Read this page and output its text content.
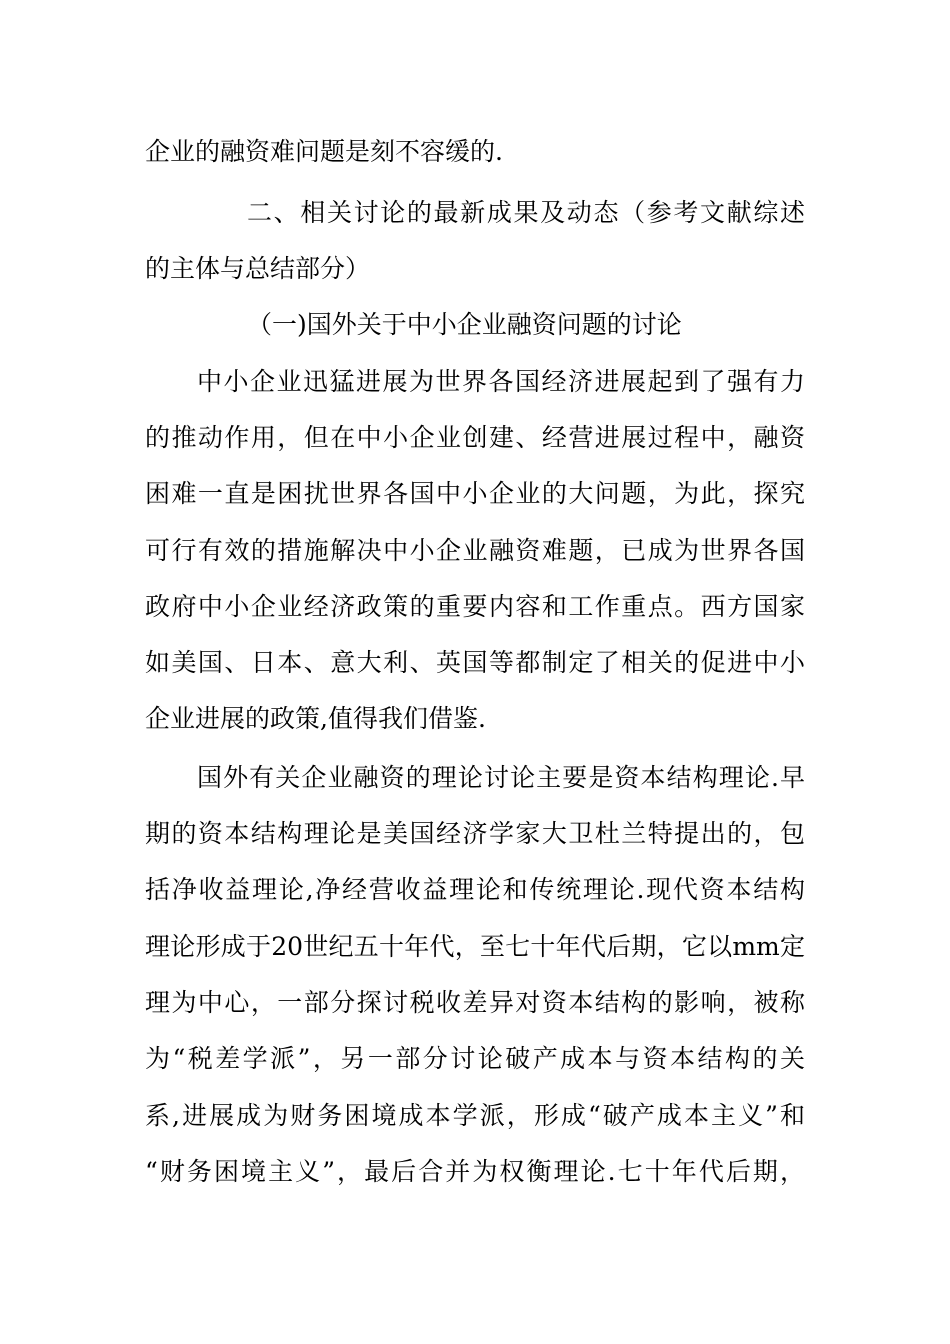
企业的融资难问题是刻不容缓的.
二、相关讨论的最新成果及动态（参考文献综述
的主体与总结部分）
（一)国外关于中小企业融资问题的讨论
中小企业迅猛进展为世界各国经济进展起到了强有力
的推动作用，但在中小企业创建、经营进展过程中，融资
困难一直是困扰世界各国中小企业的大问题，为此，探究
可行有效的措施解决中小企业融资难题，已成为世界各国
政府中小企业经济政策的重要内容和工作重点。西方国家
如美国、日本、意大利、英国等都制定了相关的促进中小
企业进展的政策,值得我们借鉴.
国外有关企业融资的理论讨论主要是资本结构理论.早
期的资本结构理论是美国经济学家大卫杜兰特提出的，包
括净收益理论,净经营收益理论和传统理论.现代资本结构
理论形成于20世纪五十年代，至七十年代后期，它以mm定
理为中心，一部分探讨税收差异对资本结构的影响，被称
为“税差学派”，另一部分讨论破产成本与资本结构的关
系,进展成为财务困境成本学派，形成“破产成本主义”和
“财务困境主义”，最后合并为权衡理论.七十年代后期，
